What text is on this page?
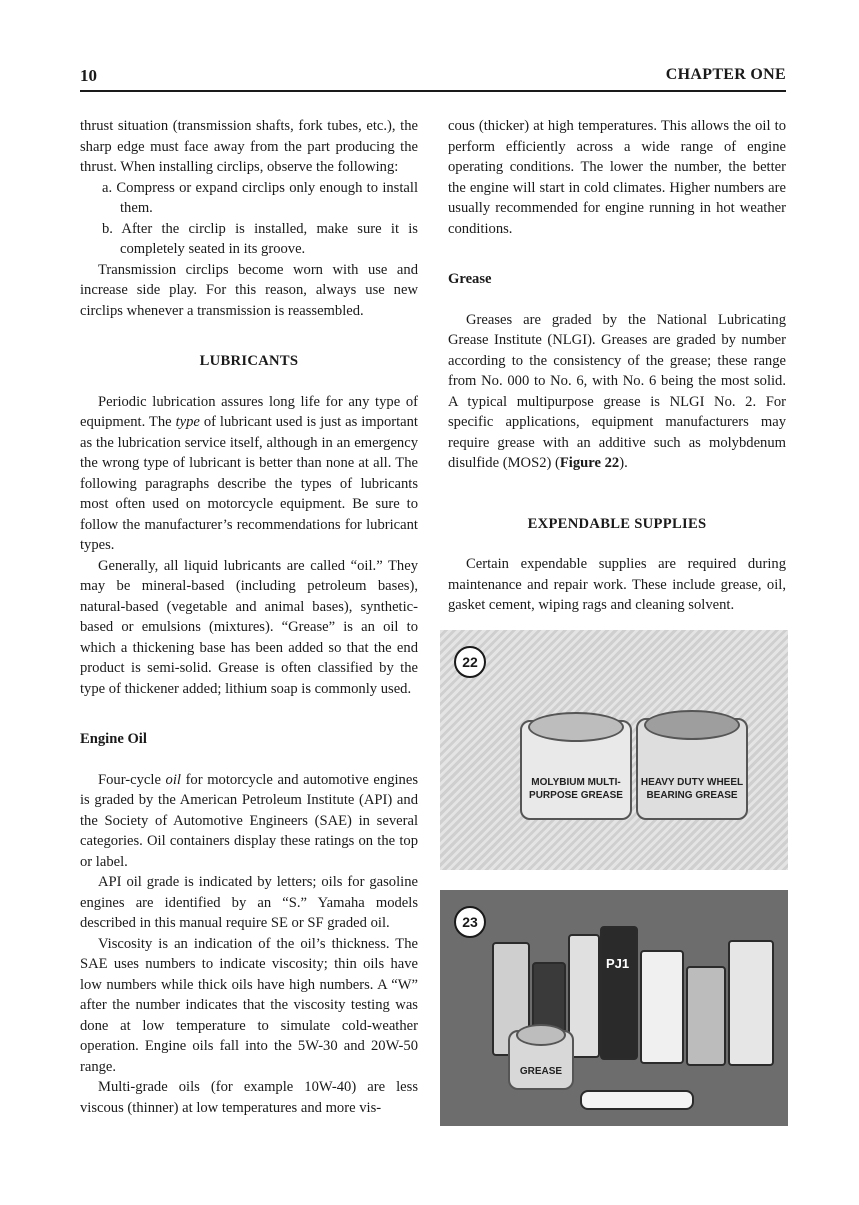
10	CHAPTER ONE

thrust situation (transmission shafts, fork tubes, etc.), the sharp edge must face away from the part producing the thrust. When installing circlips, observe the following:

a. Compress or expand circlips only enough to install them.

b. After the circlip is installed, make sure it is completely seated in its groove.

Transmission circlips become worn with use and increase side play. For this reason, always use new circlips whenever a transmission is reassembled.

LUBRICANTS

Periodic lubrication assures long life for any type of equipment. The type of lubricant used is just as important as the lubrication service itself, although in an emergency the wrong type of lubricant is better than none at all. The following paragraphs describe the types of lubricants most often used on motorcycle equipment. Be sure to follow the manufacturer’s recommendations for lubricant types.

Generally, all liquid lubricants are called “oil.” They may be mineral-based (including petroleum bases), natural-based (vegetable and animal bases), synthetic-based or emulsions (mixtures). “Grease” is an oil to which a thickening base has been added so that the end product is semi-solid. Grease is often classified by the type of thickener added; lithium soap is commonly used.

Engine Oil

Four-cycle oil for motorcycle and automotive engines is graded by the American Petroleum Institute (API) and the Society of Automotive Engineers (SAE) in several categories. Oil containers display these ratings on the top or label.

API oil grade is indicated by letters; oils for gasoline engines are identified by an “S.” Yamaha models described in this manual require SE or SF graded oil.

Viscosity is an indication of the oil’s thickness. The SAE uses numbers to indicate viscosity; thin oils have low numbers while thick oils have high numbers. A “W” after the number indicates that the viscosity testing was done at low temperature to simulate cold-weather operation. Engine oils fall into the 5W-30 and 20W-50 range.

Multi-grade oils (for example 10W-40) are less viscous (thinner) at low temperatures and more vis-

cous (thicker) at high temperatures. This allows the oil to perform efficiently across a wide range of engine operating conditions. The lower the number, the better the engine will start in cold climates. Higher numbers are usually recommended for engine running in hot weather conditions.

Grease

Greases are graded by the National Lubricating Grease Institute (NLGI). Greases are graded by number according to the consistency of the grease; these range from No. 000 to No. 6, with No. 6 being the most solid. A typical multipurpose grease is NLGI No. 2. For specific applications, equipment manufacturers may require grease with an additive such as molybdenum disulfide (MOS2) (Figure 22).

EXPENDABLE SUPPLIES

Certain expendable supplies are required during maintenance and repair work. These include grease, oil, gasket cement, wiping rags and cleaning solvent.

22
MOLYBIUM MULTI-PURPOSE GREASE
HEAVY DUTY WHEEL BEARING GREASE
23
PJ1
GREASE
